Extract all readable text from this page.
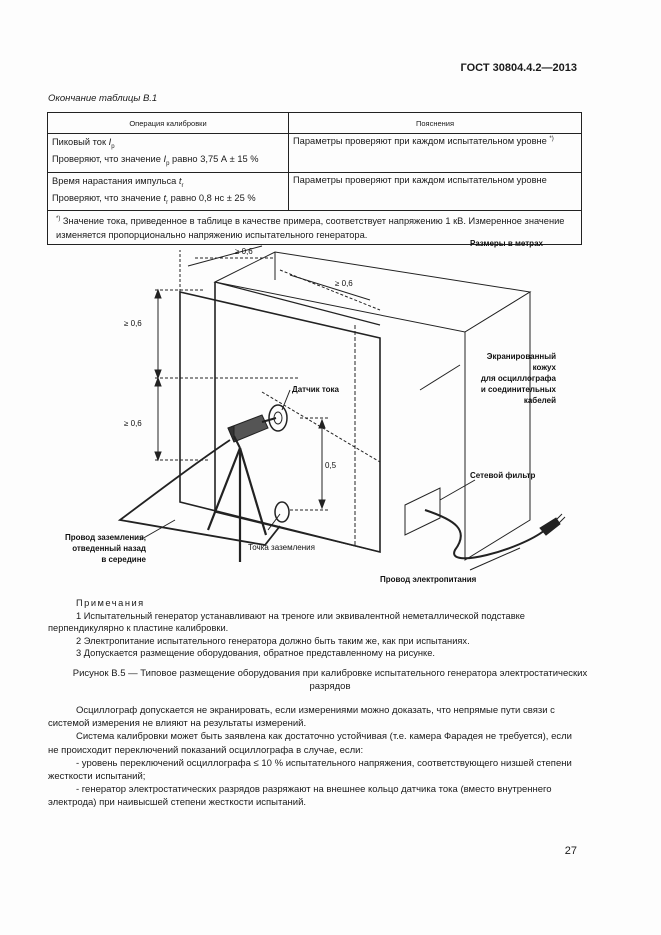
ГОСТ 30804.4.2—2013
Окончание таблицы В.1
Операция калибровки	Пояснения

Пиковый ток $I_p$
Проверяют, что значение $I_p$ равно 3,75 А ± 15 %	Параметры проверяют при каждом испытательном уровне *)

Время нарастания импульса $t_r$
Проверяют, что значение $t_r$ равно 0,8 нс ± 25 %	Параметры проверяют при каждом испытательном уровне
*) Значение тока, приведенное в таблице в качестве примера, соответствует напряжению 1 кВ. Измеренное значение изменяется пропорционально напряжению испытательного генератора.	
Размеры в метрах
≥ 0,6
≥ 0,6
≥ 0,6
≥ 0,6
0,5
Датчик тока
Экранированный
кожух
для осциллографа
и соединительных
кабелей
Провод заземления,
отведенный назад
в середине
Сетевой фильтр
Точка заземления
Провод электропитания
Примечания
1 Испытательный генератор устанавливают на треноге или эквивалентной неметаллической подставке перпендикулярно к пластине калибровки.
2 Электропитание испытательного генератора должно быть таким же, как при испытаниях.
3 Допускается размещение оборудования, обратное представленному на рисунке.
Рисунок В.5 — Типовое размещение оборудования при калибровке испытательного генератора электростатических разрядов
Осциллограф допускается не экранировать, если измерениями можно доказать, что непрямые пути связи с системой измерения не влияют на результаты измерений.
Система калибровки может быть заявлена как достаточно устойчивая (т.е. камера Фарадея не требуется), если не происходит переключений показаний осциллографа в случае, если:
- уровень переключений осциллографа ≤ 10 % испытательного напряжения, соответствующего низшей степени жесткости испытаний;
- генератор электростатических разрядов разряжают на внешнее кольцо датчика тока (вместо внутреннего электрода) при наивысшей степени жесткости испытаний.
27
